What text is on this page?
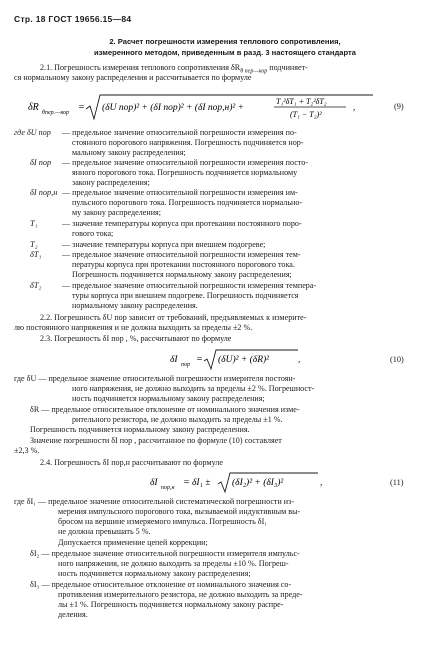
Стр. 18 ГОСТ 19656.15—84
2. Расчет погрешности измерения теплового сопротивления,
измеренного методом, приведенным в разд. 3 настоящего стандарта
2.1. Погрешность измерения теплового сопротивления $\delta R_{\theta пер—кор}$ подчиняет-
ся нормальному закону распределения и рассчитывается по формуле
δR θпер.—кор = (δU пор)² + (δI пор)² + (δI пор,н)² +
T₁²δT₁ + T₂²δT₂
(T₁ − T₂)²
,	(9)
где δU пор — предельное значение относительной погрешности измерения по-
стоянного порогового напряжения. Погрешность подчиняется нор-
мальному закону распределения;
δI пор — предельное значение относительной погрешности измерения посто-
янного порогового тока. Погрешность подчиняется нормальному
закону распределения;
δI пор,н — предельное значение относительной погрешности измерения им-
пульсного порогового тока. Погрешность подчиняется нормально-
му закону распределения;
T₁	— значение температуры корпуса при протекании постоянного поро-
гового тока;
T₂	— значение температуры корпуса при внешнем подогреве;
δT₁	— предельное значение относительной погрешности измерения тем-
пературы корпуса при протекании постоянного порогового тока.
Погрешность подчиняется нормальному закону распределения;
δT₂	— предельное значение относительной погрешности измерения темпера-
туры корпуса при внешнем подогреве. Погрешность подчиняется
нормальному закону распределения.
2.2. Погрешность δU пор зависит от требований, предъявляемых к измерите-
лю постоянного напряжения и не должна выходить за пределы ±2 %.
2.3. Погрешность δI пор , %, рассчитывают по формуле
δI пор = (δU)² + (δR)²	,	(10)
где δU — предельное значение относительной погрешности измерителя постоян-
ного напряжения, не должно выходить за пределы ±2 %. Погрешност-
ность подчиняется нормальному закону распределения;
δR — предельное относительное отклонение от номинального значения изме-
рительного резистора, не должно выходить за пределы ±1 %.
Погрешность подчиняется нормальному закону распределения.
Значение погрешности δI пор , рассчитанное по формуле (10) составляет
±2,3 %.
2.4. Погрешность δI пор,н рассчитывают по формуле
δI пор,н = δI₁ ± (δI₂)² + (δI₃)²	,	(11)
где δI₁ — предельное значение относительной систематической погрешности из-
мерения импульсного порогового тока, вызываемой индуктивным вы-
бросом на вершине измеряемого импульса. Погрешность δI₁
не должна превышать 5 %.
Допускается применение цепей коррекции;
δI₂ — предельное значение относительной погрешности измерителя импульс-
ного напряжения, не должно выходить за пределы ±10 %. Погреш-
ность подчиняется нормальному закону распределения;
δI₃ — предельное относительное отклонение от номинального значения со-
противления измерительного резистора, не должно выходить за преде-
лы ±1 %. Погрешность подчиняется нормальному закону распре-
деления.
